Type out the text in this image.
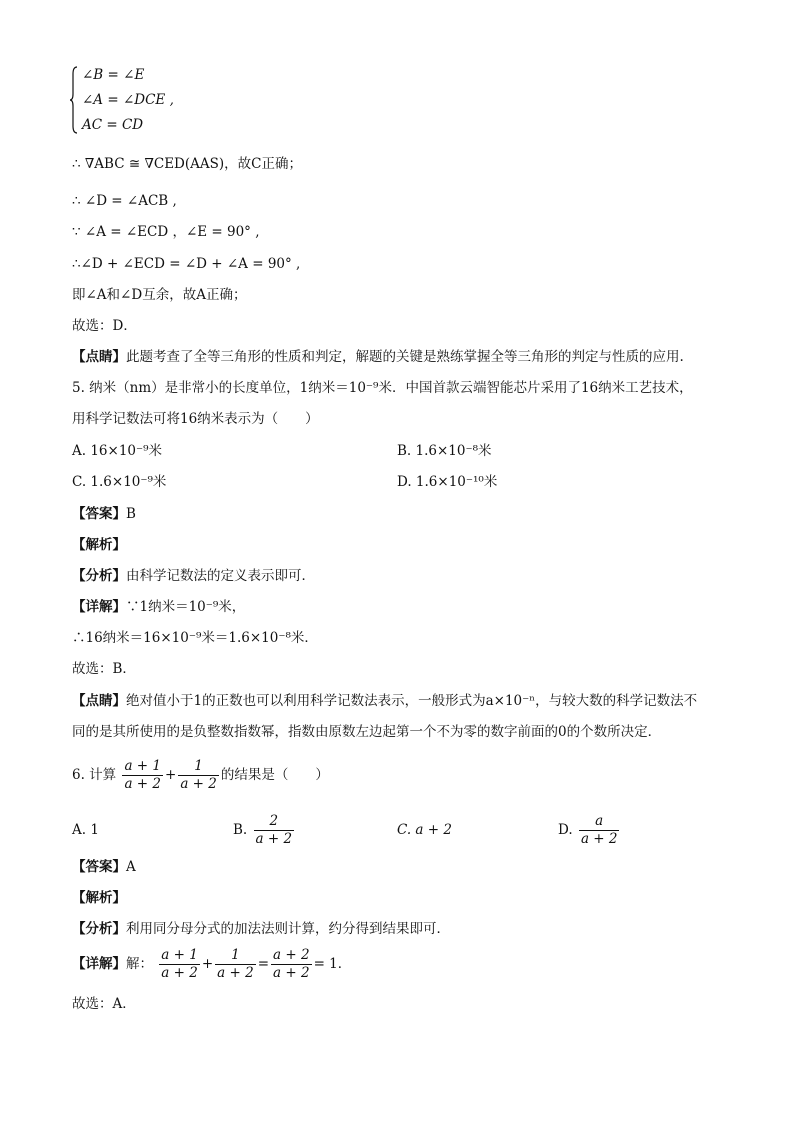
∠B = ∠E
∠A = ∠DCE ,
AC = CD
∴ ∇ABC ≅ ∇CED(AAS)，故C正确；
∴ ∠D = ∠ACB ,
∵ ∠A = ∠ECD ，∠E = 90° ,
∴∠D + ∠ECD = ∠D + ∠A = 90° ,
即∠A和∠D互余，故A正确；
故选：D．
【点睛】此题考查了全等三角形的性质和判定，解题的关键是熟练掌握全等三角形的判定与性质的应用.
5. 纳米（nm）是非常小的长度单位，1纳米＝10⁻⁹米．中国首款云端智能芯片采用了16纳米工艺技术，
用科学记数法可将16纳米表示为（　　）
A. 16×10⁻⁹米	B. 1.6×10⁻⁸米
C. 1.6×10⁻⁹米	D. 1.6×10⁻¹⁰米
【答案】B
【解析】
【分析】由科学记数法的定义表示即可．
【详解】∵1纳米＝10⁻⁹米，
∴16纳米＝16×10⁻⁹米＝1.6×10⁻⁸米．
故选：B．
【点睛】绝对值小于1的正数也可以利用科学记数法表示，一般形式为a×10⁻ⁿ，与较大数的科学记数法不
同的是其所使用的是负整数指数幂，指数由原数左边起第一个不为零的数字前面的0的个数所决定．
6. 计算 $\frac{a + 1}{a + 2} + \frac{1}{a + 2}$ 的结果是（　　）
A. 1	B. $\frac{2}{a + 2}$	C. a + 2	D. $\frac{a}{a + 2}$
【答案】A
【解析】
【分析】利用同分母分式的加法法则计算，约分得到结果即可．
【详解】解： $\frac{a + 1}{a + 2} + \frac{1}{a + 2} = \frac{a + 2}{a + 2} = 1$．
故选：A．
